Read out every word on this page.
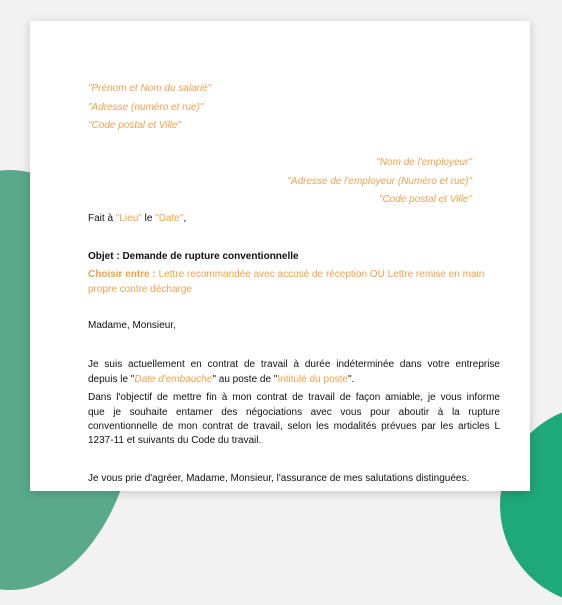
"Prénom et Nom du salarié"
"Adresse (numéro et rue)"
"Code postal et Ville"
"Nom de l'employeur"
"Adresse de l'employeur (Numéro et rue)"
"Code postal et Ville"
Fait à "Lieu" le "Date",
Objet : Demande de rupture conventionnelle
Choisir entre : Lettre recommandée avec accusé de réception OU Lettre remise en main
propre contre décharge
Madame, Monsieur,
Je suis actuellement en contrat de travail à durée indéterminée dans votre entreprise
depuis le "Date d'embauche" au poste de "Intitulé du poste".
Dans l'objectif de mettre fin à mon contrat de travail de façon amiable, je vous informe
que je souhaite entamer des négociations avec vous pour aboutir à la rupture
conventionnelle de mon contrat de travail, selon les modalités prévues par les articles L
1237-11 et suivants du Code du travail.
Je vous prie d'agréer, Madame, Monsieur, l'assurance de mes salutations distinguées.
